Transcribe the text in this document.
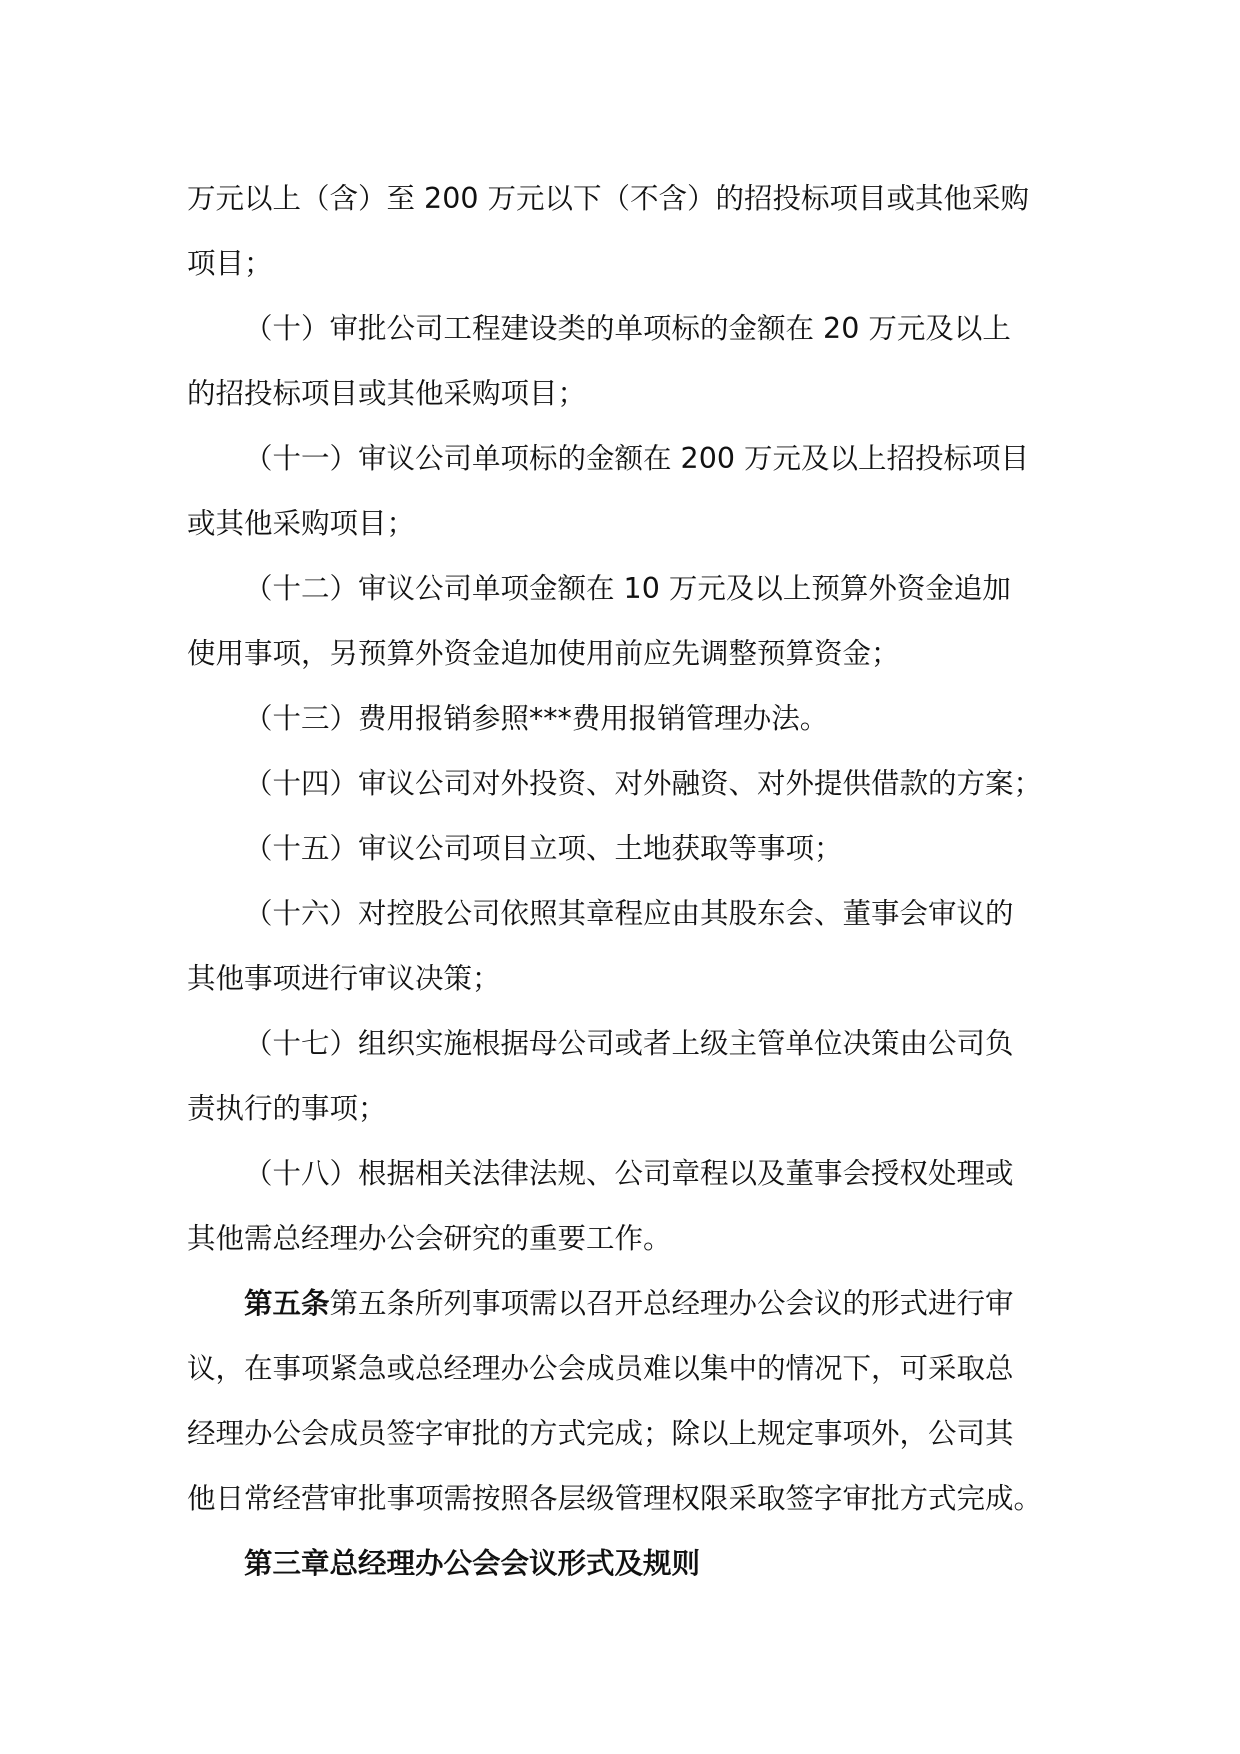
万元以上（含）至 200 万元以下（不含）的招投标项目或其他采购
项目；
（十）审批公司工程建设类的单项标的金额在 20 万元及以上
的招投标项目或其他采购项目；
（十一）审议公司单项标的金额在 200 万元及以上招投标项目
或其他采购项目；
（十二）审议公司单项金额在 10 万元及以上预算外资金追加
使用事项，另预算外资金追加使用前应先调整预算资金；
（十三）费用报销参照***费用报销管理办法。
（十四）审议公司对外投资、对外融资、对外提供借款的方案；
（十五）审议公司项目立项、土地获取等事项；
（十六）对控股公司依照其章程应由其股东会、董事会审议的
其他事项进行审议决策；
（十七）组织实施根据母公司或者上级主管单位决策由公司负
责执行的事项；
（十八）根据相关法律法规、公司章程以及董事会授权处理或
其他需总经理办公会研究的重要工作。
第五条第五条所列事项需以召开总经理办公会议的形式进行审
议，在事项紧急或总经理办公会成员难以集中的情况下，可采取总
经理办公会成员签字审批的方式完成；除以上规定事项外，公司其
他日常经营审批事项需按照各层级管理权限采取签字审批方式完成。
第三章总经理办公会会议形式及规则
